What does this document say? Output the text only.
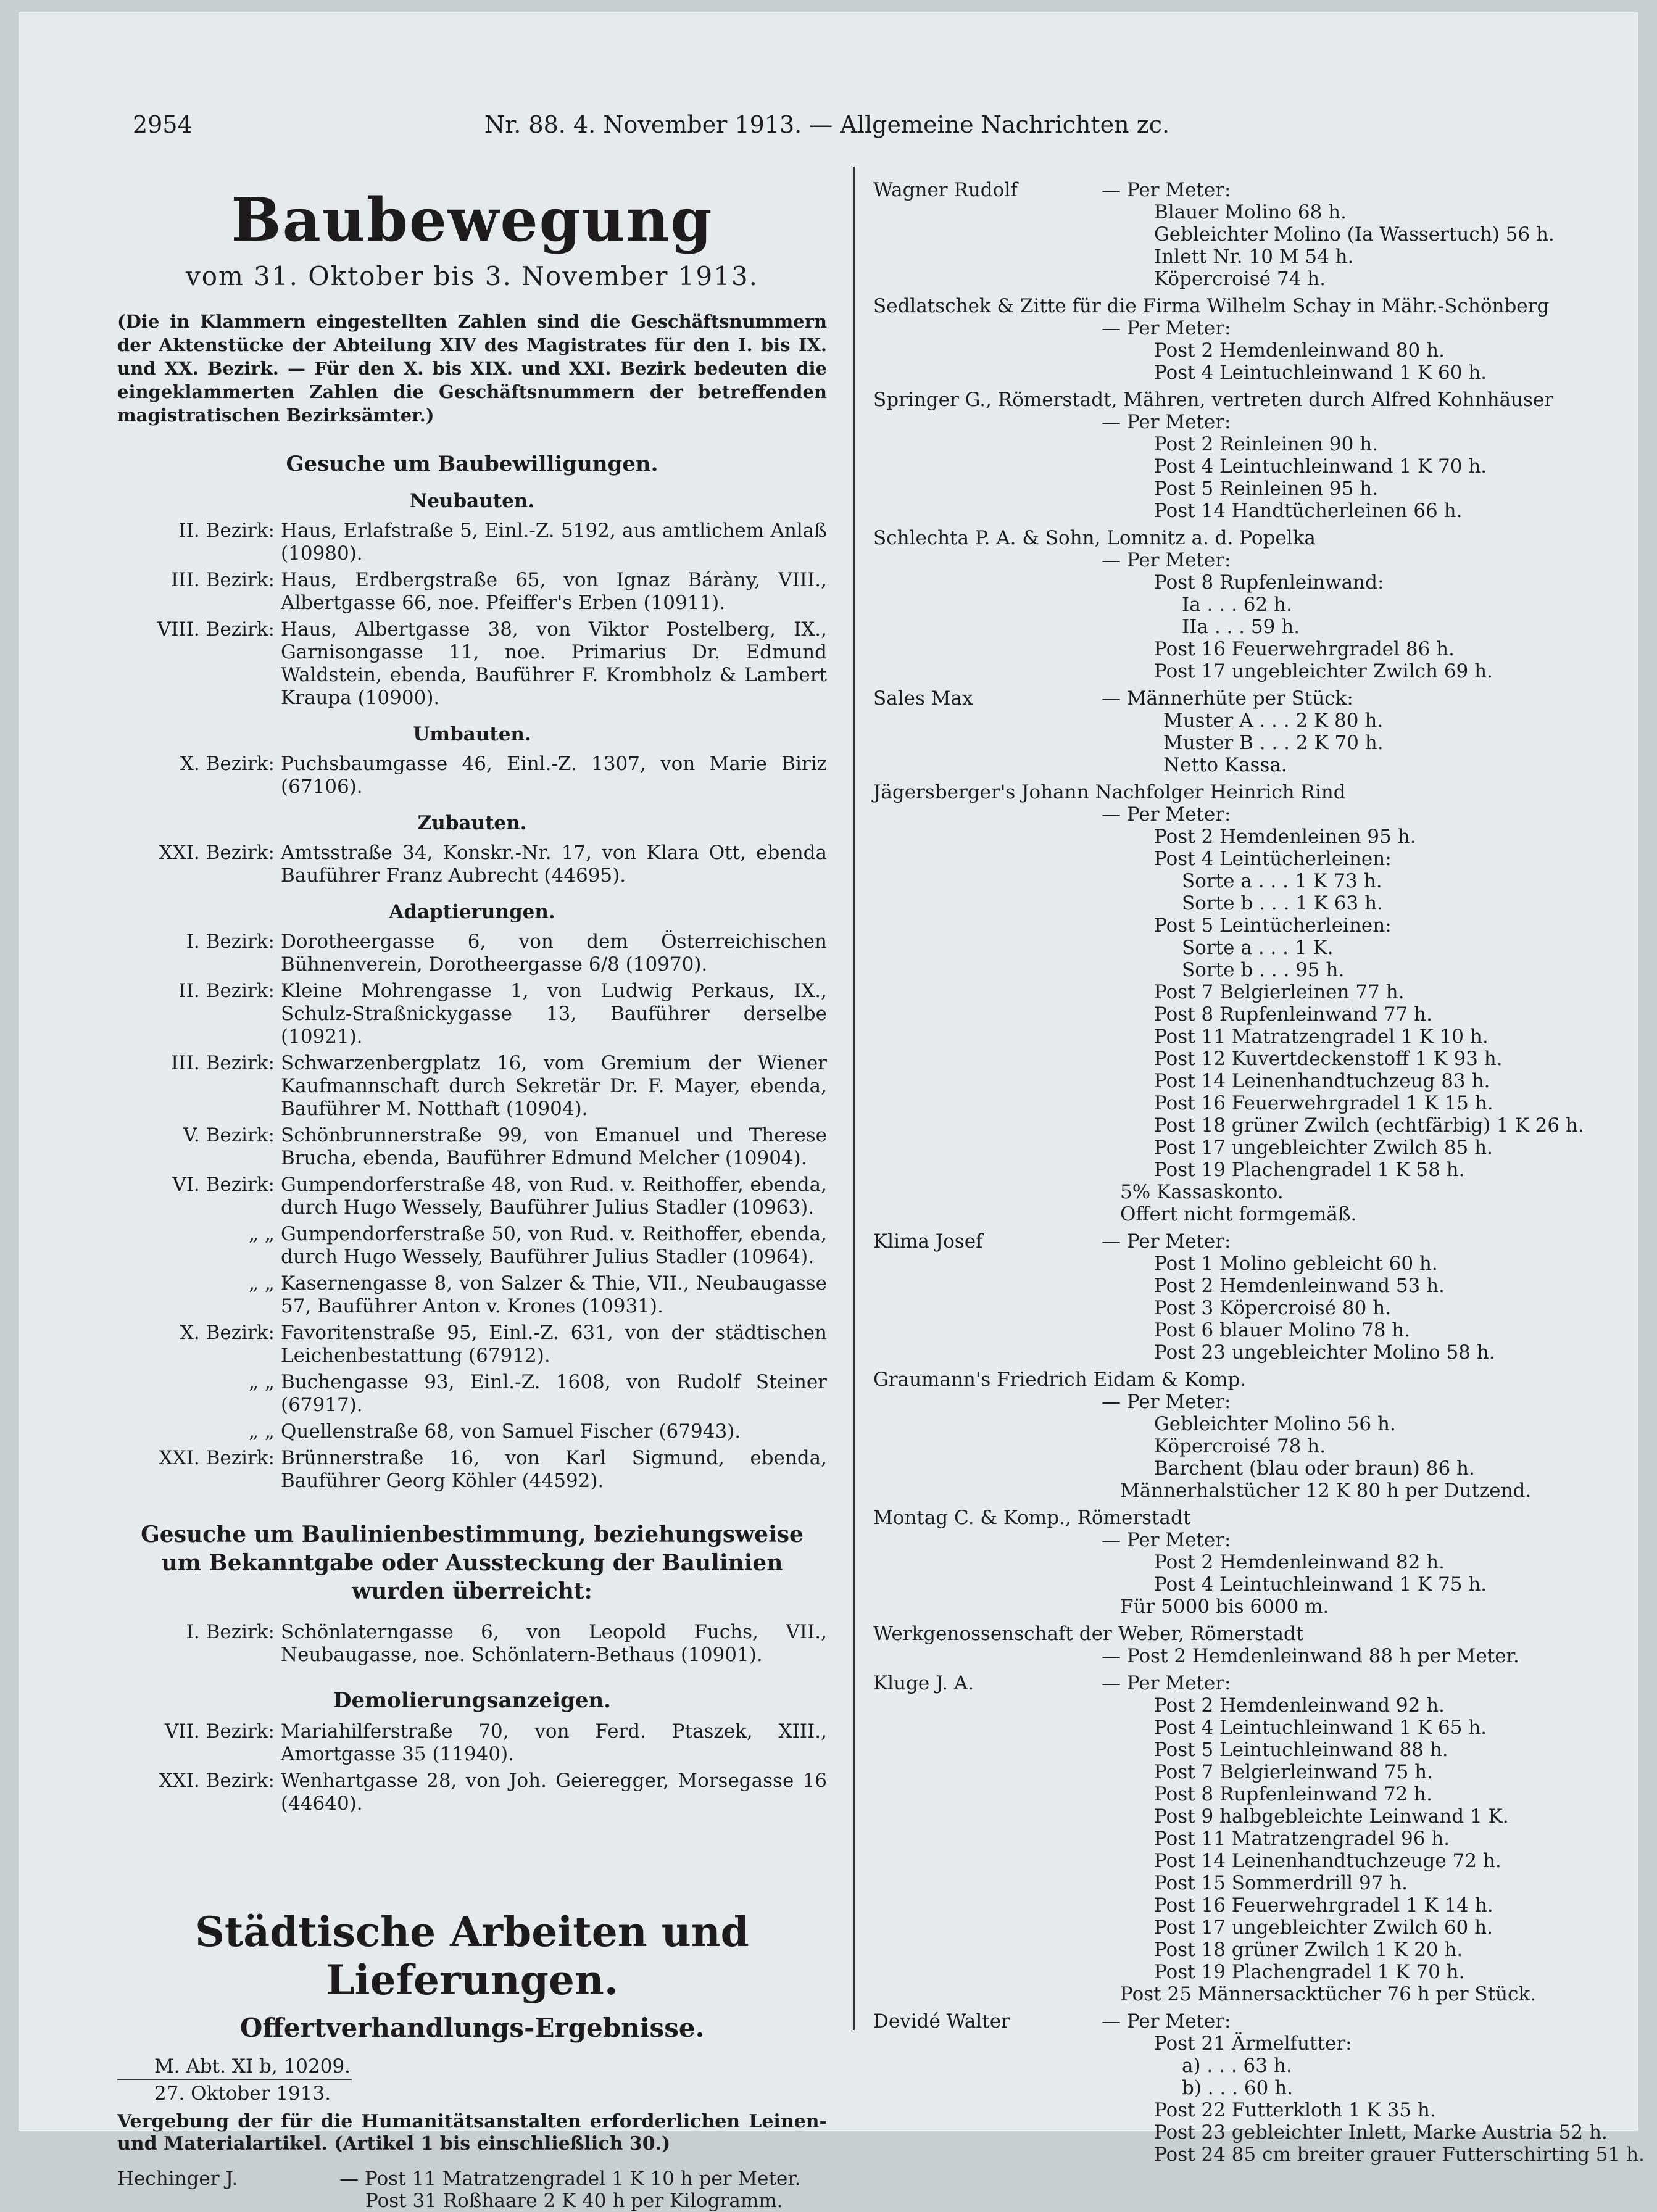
2954	Nr. 88. 4. November 1913. — Allgemeine Nachrichten zc.
Baubewegung
vom 31. Oktober bis 3. November 1913.
(Die in Klammern eingestellten Zahlen sind die Geschäftsnummern der Aktenstücke der Abteilung XIV des Magistrates für den I. bis IX. und XX. Bezirk. — Für den X. bis XIX. und XXI. Bezirk bedeuten die eingeklammerten Zahlen die Geschäftsnummern der betreffenden magistratischen Bezirksämter.)
Gesuche um Baubewilligungen.
Neubauten.
II. Bezirk: Haus, Erlafstraße 5, Einl.-Z. 5192, aus amtlichem Anlaß (10980).
III. Bezirk: Haus, Erdbergstraße 65, von Ignaz Báràny, VIII., Albertgasse 66, noe. Pfeiffer's Erben (10911).
VIII. Bezirk: Haus, Albertgasse 38, von Viktor Postelberg, IX., Garnisongasse 11, noe. Primarius Dr. Edmund Waldstein, ebenda, Bauführer F. Krombholz & Lambert Kraupa (10900).
Umbauten.
X. Bezirk: Puchsbaumgasse 46, Einl.-Z. 1307, von Marie Biriz (67106).
Zubauten.
XXI. Bezirk: Amtsstraße 34, Konskr.-Nr. 17, von Klara Ott, ebenda Bauführer Franz Aubrecht (44695).
Adaptierungen.
I. Bezirk: Dorotheergasse 6, von dem Österreichischen Bühnenverein, Dorotheergasse 6/8 (10970).
II. Bezirk: Kleine Mohrengasse 1, von Ludwig Perkaus, IX., Schulz-Straßnickygasse 13, Bauführer derselbe (10921).
III. Bezirk: Schwarzenbergplatz 16, vom Gremium der Wiener Kaufmannschaft durch Sekretär Dr. F. Mayer, ebenda, Bauführer M. Notthaft (10904).
V. Bezirk: Schönbrunnerstraße 99, von Emanuel und Therese Brucha, ebenda, Bauführer Edmund Melcher (10904).
VI. Bezirk: Gumpendorferstraße 48, von Rud. v. Reithoffer, ebenda, durch Hugo Wessely, Bauführer Julius Stadler (10963).
„ „ Gumpendorferstraße 50, von Rud. v. Reithoffer, ebenda, durch Hugo Wessely, Bauführer Julius Stadler (10964).
„ „ Kasernengasse 8, von Salzer & Thie, VII., Neubaugasse 57, Bauführer Anton v. Krones (10931).
X. Bezirk: Favoritenstraße 95, Einl.-Z. 631, von der städtischen Leichenbestattung (67912).
„ „ Buchengasse 93, Einl.-Z. 1608, von Rudolf Steiner (67917).
„ „ Quellenstraße 68, von Samuel Fischer (67943).
XXI. Bezirk: Brünnerstraße 16, von Karl Sigmund, ebenda, Bauführer Georg Köhler (44592).
Gesuche um Baulinienbestimmung, beziehungsweise um Bekanntgabe oder Aussteckung der Baulinien wurden überreicht:
I. Bezirk: Schönlaterngasse 6, von Leopold Fuchs, VII., Neubaugasse, noe. Schönlatern-Bethaus (10901).
Demolierungsanzeigen.
VII. Bezirk: Mariahilferstraße 70, von Ferd. Ptaszek, XIII., Amortgasse 35 (11940).
XXI. Bezirk: Wenhartgasse 28, von Joh. Geieregger, Morsegasse 16 (44640).
Städtische Arbeiten und Lieferungen.
Offertverhandlungs-Ergebnisse.
M. Abt. XI b, 10209.
27. Oktober 1913.
Vergebung der für die Humanitätsanstalten erforderlichen Leinen- und Materialartikel. (Artikel 1 bis einschließlich 30.)
Hechinger J.	— Post 11 Matratzengradel 1 K 10 h per Meter.
Post 31 Roßhaare 2 K 40 h per Kilogramm.
Wagner Rudolf	— Per Meter:
Blauer Molino 68 h.
Gebleichter Molino (Ia Wassertuch) 56 h.
Inlett Nr. 10 M 54 h.
Köpercroisé 74 h.
Sedlatschek & Zitte für die Firma Wilhelm Schay in Mähr.-Schönberg
— Per Meter:
Post 2 Hemdenleinwand 80 h.
Post 4 Leintuchleinwand 1 K 60 h.
Springer G., Römerstadt, Mähren, vertreten durch Alfred Kohnhäuser
— Per Meter:
Post 2 Reinleinen 90 h.
Post 4 Leintuchleinwand 1 K 70 h.
Post 5 Reinleinen 95 h.
Post 14 Handtücherleinen 66 h.
Schlechta P. A. & Sohn, Lomnitz a. d. Popelka
— Per Meter:
Post 8 Rupfenleinwand:
Ia . . . 62 h.
IIa . . . 59 h.
Post 16 Feuerwehrgradel 86 h.
Post 17 ungebleichter Zwilch 69 h.
Sales Max	— Männerhüte per Stück:
Muster A . . . 2 K 80 h.
Muster B . . . 2 K 70 h.
Netto Kassa.
Jägersberger's Johann Nachfolger Heinrich Rind
— Per Meter:
Post 2 Hemdenleinen 95 h.
Post 4 Leintücherleinen:
Sorte a . . . 1 K 73 h.
Sorte b . . . 1 K 63 h.
Post 5 Leintücherleinen:
Sorte a . . . 1 K.
Sorte b . . . 95 h.
Post 7 Belgierleinen 77 h.
Post 8 Rupfenleinwand 77 h.
Post 11 Matratzengradel 1 K 10 h.
Post 12 Kuvertdeckenstoff 1 K 93 h.
Post 14 Leinenhandtuchzeug 83 h.
Post 16 Feuerwehrgradel 1 K 15 h.
Post 18 grüner Zwilch (echtfärbig) 1 K 26 h.
Post 17 ungebleichter Zwilch 85 h.
Post 19 Plachengradel 1 K 58 h.
5% Kassaskonto.
Offert nicht formgemäß.
Klima Josef	— Per Meter:
Post 1 Molino gebleicht 60 h.
Post 2 Hemdenleinwand 53 h.
Post 3 Köpercroisé 80 h.
Post 6 blauer Molino 78 h.
Post 23 ungebleichter Molino 58 h.
Graumann's Friedrich Eidam & Komp.
— Per Meter:
Gebleichter Molino 56 h.
Köpercroisé 78 h.
Barchent (blau oder braun) 86 h.
Männerhalstücher 12 K 80 h per Dutzend.
Montag C. & Komp., Römerstadt
— Per Meter:
Post 2 Hemdenleinwand 82 h.
Post 4 Leintuchleinwand 1 K 75 h.
Für 5000 bis 6000 m.
Werkgenossenschaft der Weber, Römerstadt
— Post 2 Hemdenleinwand 88 h per Meter.
Kluge J. A.	— Per Meter:
Post 2 Hemdenleinwand 92 h.
Post 4 Leintuchleinwand 1 K 65 h.
Post 5 Leintuchleinwand 88 h.
Post 7 Belgierleinwand 75 h.
Post 8 Rupfenleinwand 72 h.
Post 9 halbgebleichte Leinwand 1 K.
Post 11 Matratzengradel 96 h.
Post 14 Leinenhandtuchzeuge 72 h.
Post 15 Sommerdrill 97 h.
Post 16 Feuerwehrgradel 1 K 14 h.
Post 17 ungebleichter Zwilch 60 h.
Post 18 grüner Zwilch 1 K 20 h.
Post 19 Plachengradel 1 K 70 h.
Post 25 Männersacktücher 76 h per Stück.
Devidé Walter	— Per Meter:
Post 21 Ärmelfutter:
a) . . . 63 h.
b) . . . 60 h.
Post 22 Futterkloth 1 K 35 h.
Post 23 gebleichter Inlett, Marke Austria 52 h.
Post 24 85 cm breiter grauer Futterschirting 51 h.
